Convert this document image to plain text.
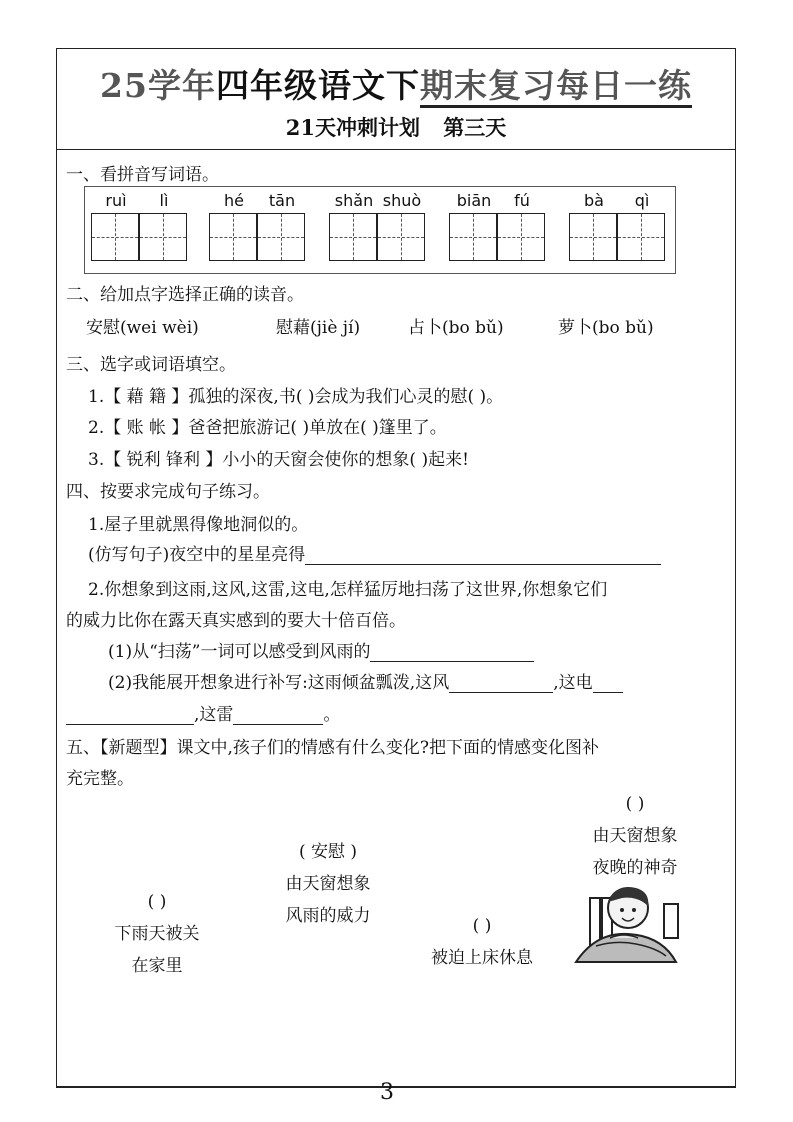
25学年四年级语文下期末复习每日一练
21天冲刺计划 第三天
一、看拼音写词语。
ruì	lì	hé	tān	shǎn shuò	biān	fú	bà	qì
二、给加点字选择正确的读音。
安慰(wei wèi)	慰藉(jiè jí)	占卜(bo bǔ)	萝卜(bo bǔ)
三、选字或词语填空。
1.【 藉 籍 】孤独的深夜,书( )会成为我们心灵的慰( )。
2.【 账 帐 】爸爸把旅游记( )单放在( )篷里了。
3.【 锐利 锋利 】小小的天窗会使你的想象( )起来!
四、按要求完成句子练习。
1.屋子里就黑得像地洞似的。
(仿写句子)夜空中的星星亮得
2.你想象到这雨,这风,这雷,这电,怎样猛厉地扫荡了这世界,你想象它们
的威力比你在露天真实感到的要大十倍百倍。
(1)从“扫荡”一词可以感受到风雨的
(2)我能展开想象进行补写:这雨倾盆瓢泼,这风	,这电
,这雷	。
五、【新题型】课文中,孩子们的情感有什么变化?把下面的情感变化图补
充完整。
( )
下雨天被关
在家里
( 安慰 )
由天窗想象
风雨的威力	( )
被迫上床休息
( )
由天窗想象
夜晚的神奇
3
